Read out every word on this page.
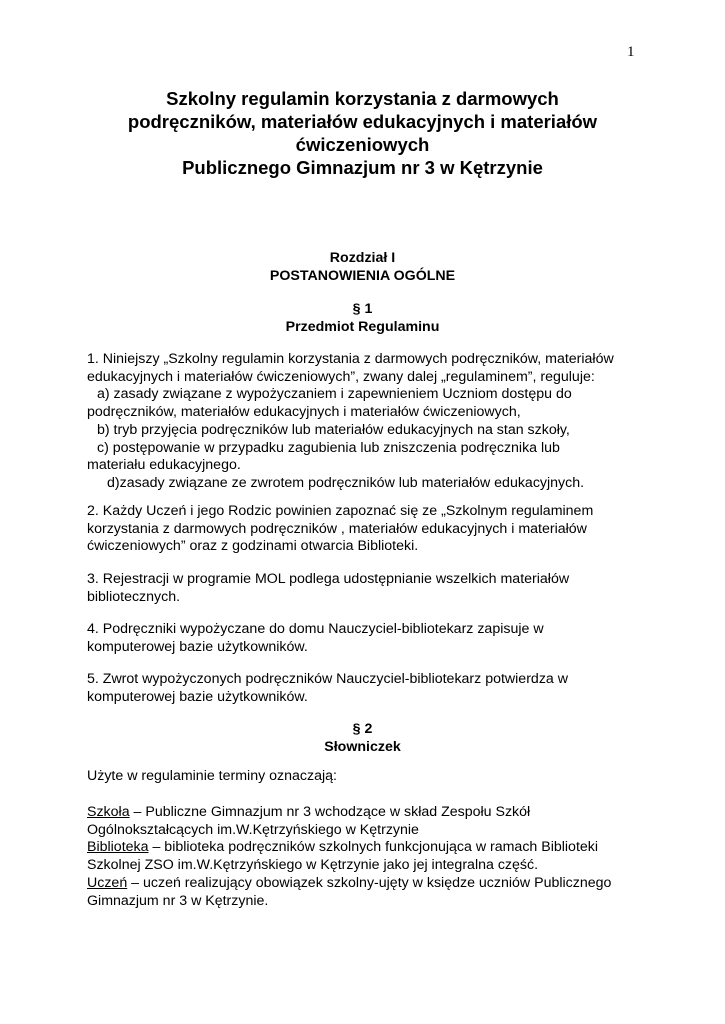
1
Szkolny regulamin korzystania z darmowych
podręczników, materiałów edukacyjnych i materiałów
ćwiczeniowych
Publicznego Gimnazjum nr 3 w Kętrzynie
Rozdział I
POSTANOWIENIA OGÓLNE
§ 1
Przedmiot Regulaminu
1. Niniejszy „Szkolny regulamin korzystania z darmowych podręczników, materiałów
edukacyjnych i materiałów ćwiczeniowych”, zwany dalej „regulaminem”, reguluje:
a) zasady związane z wypożyczaniem i zapewnieniem Uczniom dostępu do
podręczników, materiałów edukacyjnych i materiałów ćwiczeniowych,
b) tryb przyjęcia podręczników lub materiałów edukacyjnych na stan szkoły,
c) postępowanie w przypadku zagubienia lub zniszczenia podręcznika lub
materiału edukacyjnego.
d)zasady związane ze zwrotem podręczników lub materiałów edukacyjnych.
2. Każdy Uczeń i jego Rodzic powinien zapoznać się ze „Szkolnym regulaminem
korzystania z darmowych podręczników , materiałów edukacyjnych i materiałów
ćwiczeniowych” oraz z godzinami otwarcia Biblioteki.
3. Rejestracji w programie MOL podlega udostępnianie wszelkich materiałów
bibliotecznych.
4. Podręczniki wypożyczane do domu Nauczyciel-bibliotekarz zapisuje w
komputerowej bazie użytkowników.
5. Zwrot wypożyczonych podręczników Nauczyciel-bibliotekarz potwierdza w
komputerowej bazie użytkowników.
§ 2
Słowniczek
Użyte w regulaminie terminy oznaczają:
Szkoła – Publiczne Gimnazjum nr 3 wchodzące w skład Zespołu Szkół
Ogólnokształcących im.W.Kętrzyńskiego w Kętrzynie
Biblioteka – biblioteka podręczników szkolnych funkcjonująca w ramach Biblioteki
Szkolnej ZSO im.W.Kętrzyńskiego w Kętrzynie jako jej integralna część.
Uczeń – uczeń realizujący obowiązek szkolny-ujęty w księdze uczniów Publicznego
Gimnazjum nr 3 w Kętrzynie.
